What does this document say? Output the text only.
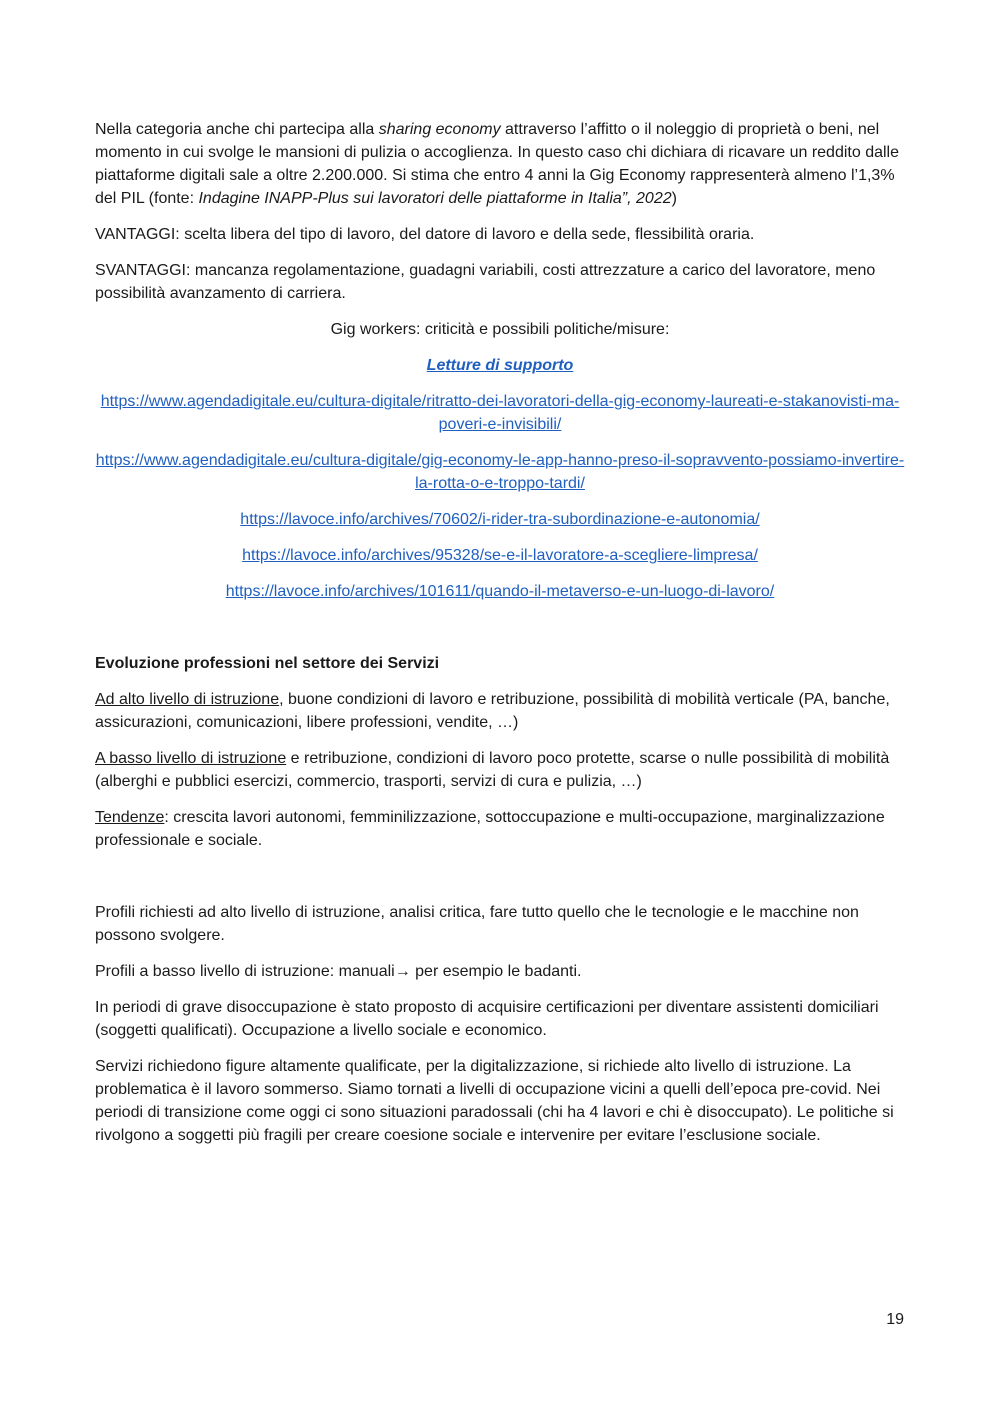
Nella categoria anche chi partecipa alla sharing economy attraverso l’affitto o il noleggio di proprietà o beni, nel momento in cui svolge le mansioni di pulizia o accoglienza. In questo caso chi dichiara di ricavare un reddito dalle piattaforme digitali sale a oltre 2.200.000. Si stima che entro 4 anni la Gig Economy rappresenterà almeno l’1,3% del PIL (fonte: Indagine INAPP-Plus sui lavoratori delle piattaforme in Italia”, 2022)

VANTAGGI: scelta libera del tipo di lavoro, del datore di lavoro e della sede, flessibilità oraria.

SVANTAGGI: mancanza regolamentazione, guadagni variabili, costi attrezzature a carico del lavoratore, meno possibilità avanzamento di carriera.

Gig workers: criticità e possibili politiche/misure:

Letture di supporto

https://www.agendadigitale.eu/cultura-digitale/ritratto-dei-lavoratori-della-gig-economy-laureati-e-stakanovisti-ma-poveri-e-invisibili/

https://www.agendadigitale.eu/cultura-digitale/gig-economy-le-app-hanno-preso-il-sopravvento-possiamo-invertire-la-rotta-o-e-troppo-tardi/

https://lavoce.info/archives/70602/i-rider-tra-subordinazione-e-autonomia/

https://lavoce.info/archives/95328/se-e-il-lavoratore-a-scegliere-limpresa/

https://lavoce.info/archives/101611/quando-il-metaverso-e-un-luogo-di-lavoro/

Evoluzione professioni nel settore dei Servizi

Ad alto livello di istruzione, buone condizioni di lavoro e retribuzione, possibilità di mobilità verticale (PA, banche, assicurazioni, comunicazioni, libere professioni, vendite, …)

A basso livello di istruzione e retribuzione, condizioni di lavoro poco protette, scarse o nulle possibilità di mobilità (alberghi e pubblici esercizi, commercio, trasporti, servizi di cura e pulizia, …)

Tendenze: crescita lavori autonomi, femminilizzazione, sottoccupazione e multi-occupazione, marginalizzazione professionale e sociale.

Profili richiesti ad alto livello di istruzione, analisi critica, fare tutto quello che le tecnologie e le macchine non possono svolgere.

Profili a basso livello di istruzione: manuali→ per esempio le badanti.

In periodi di grave disoccupazione è stato proposto di acquisire certificazioni per diventare assistenti domiciliari (soggetti qualificati). Occupazione a livello sociale e economico.

Servizi richiedono figure altamente qualificate, per la digitalizzazione, si richiede alto livello di istruzione. La problematica è il lavoro sommerso. Siamo tornati a livelli di occupazione vicini a quelli dell’epoca pre-covid. Nei periodi di transizione come oggi ci sono situazioni paradossali (chi ha 4 lavori e chi è disoccupato). Le politiche si rivolgono a soggetti più fragili per creare coesione sociale e intervenire per evitare l’esclusione sociale.

19
